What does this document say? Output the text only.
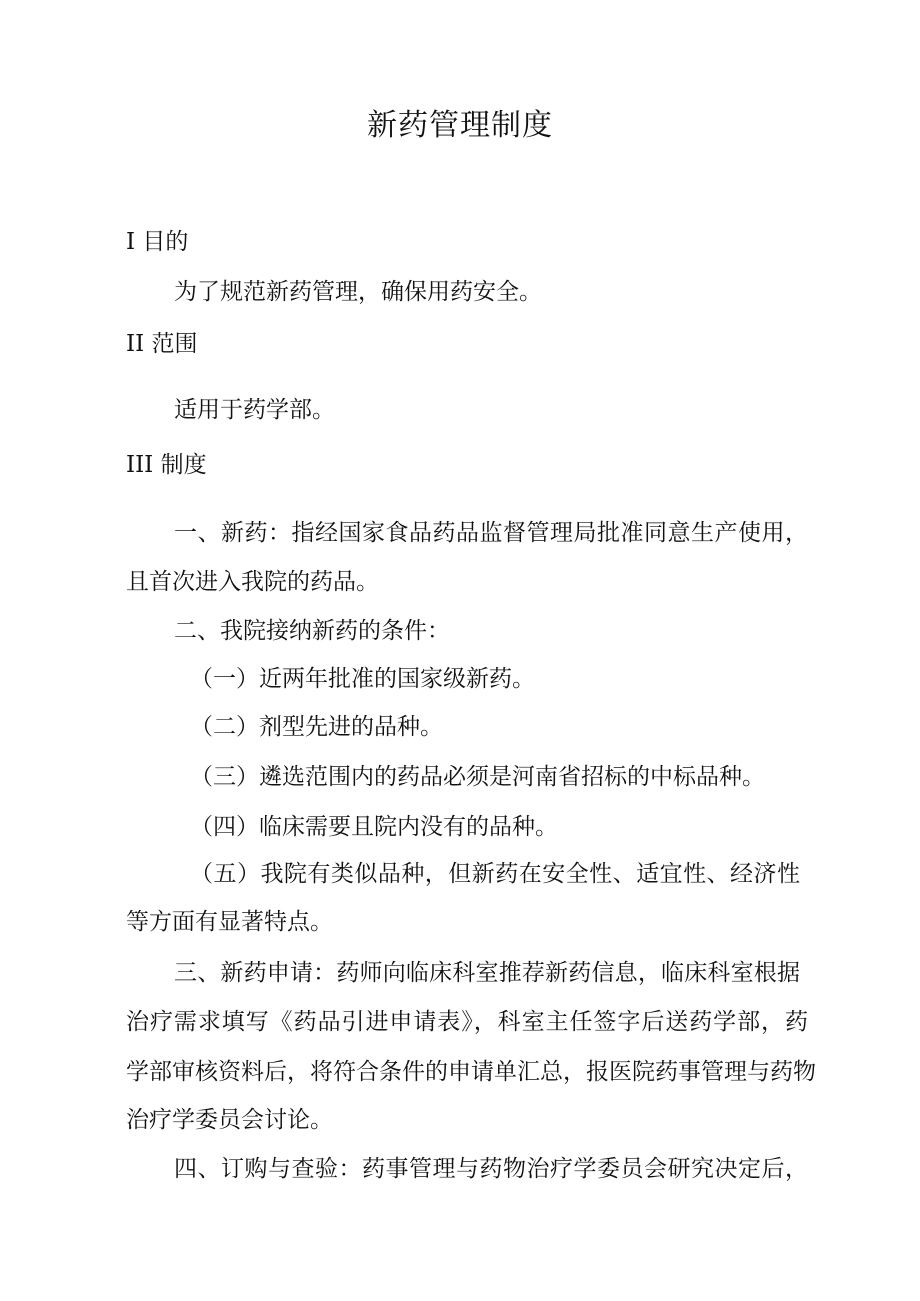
新药管理制度

I 目的

为了规范新药管理，确保用药安全。

II 范围

适用于药学部。

III 制度

一、新药：指经国家食品药品监督管理局批准同意生产使用，

且首次进入我院的药品。

二、我院接纳新药的条件：

（一）近两年批准的国家级新药。

（二）剂型先进的品种。

（三）遴选范围内的药品必须是河南省招标的中标品种。

（四）临床需要且院内没有的品种。

（五）我院有类似品种，但新药在安全性、适宜性、经济性

等方面有显著特点。

三、新药申请：药师向临床科室推荐新药信息，临床科室根据

治疗需求填写《药品引进申请表》，科室主任签字后送药学部，药

学部审核资料后，将符合条件的申请单汇总，报医院药事管理与药物

治疗学委员会讨论。

四、订购与查验：药事管理与药物治疗学委员会研究决定后，
